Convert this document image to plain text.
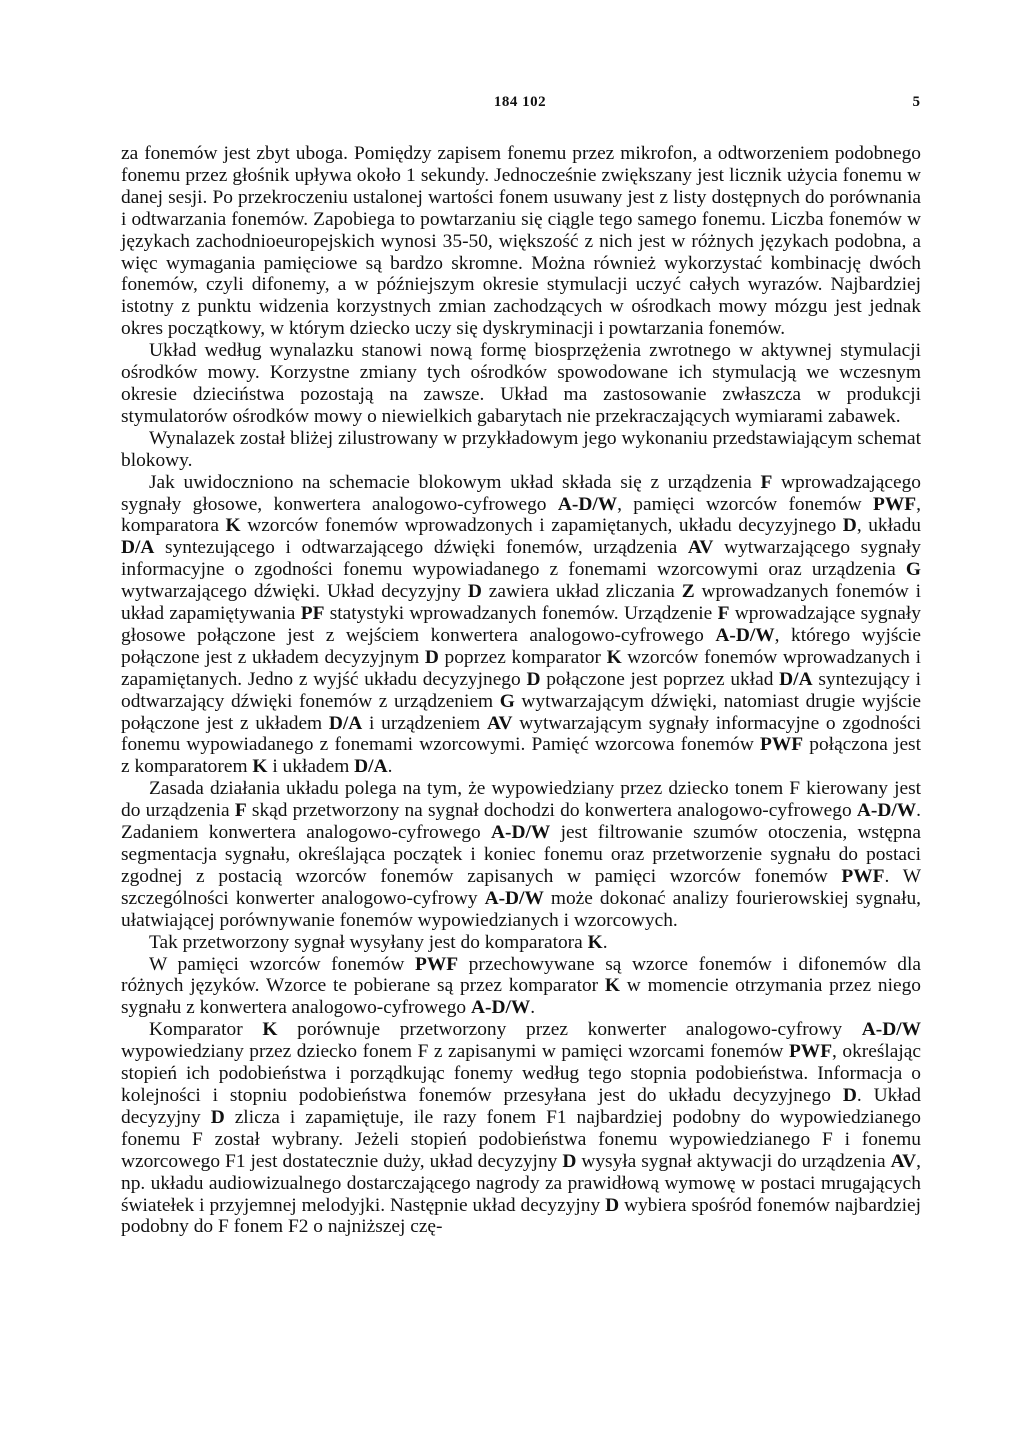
184 102	5

za fonemów jest zbyt uboga. Pomiędzy zapisem fonemu przez mikrofon, a odtworzeniem podobnego fonemu przez głośnik upływa około 1 sekundy. Jednocześnie zwiększany jest licznik użycia fonemu w danej sesji. Po przekroczeniu ustalonej wartości fonem usuwany jest z listy dostępnych do porównania i odtwarzania fonemów. Zapobiega to powtarzaniu się ciągle tego samego fonemu. Liczba fonemów w językach zachodnioeuropejskich wynosi 35-50, większość z nich jest w różnych językach podobna, a więc wymagania pamięciowe są bardzo skromne. Można również wykorzystać kombinację dwóch fonemów, czyli difonemy, a w późniejszym okresie stymulacji uczyć całych wyrazów. Najbardziej istotny z punktu widzenia korzystnych zmian zachodzących w ośrodkach mowy mózgu jest jednak okres początkowy, w którym dziecko uczy się dyskryminacji i powtarzania fonemów.

Układ według wynalazku stanowi nową formę biosprzężenia zwrotnego w aktywnej stymulacji ośrodków mowy. Korzystne zmiany tych ośrodków spowodowane ich stymulacją we wczesnym okresie dzieciństwa pozostają na zawsze. Układ ma zastosowanie zwłaszcza w produkcji stymulatorów ośrodków mowy o niewielkich gabarytach nie przekraczających wymiarami zabawek.

Wynalazek został bliżej zilustrowany w przykładowym jego wykonaniu przedstawiającym schemat blokowy.

Jak uwidoczniono na schemacie blokowym układ składa się z urządzenia F wprowadzającego sygnały głosowe, konwertera analogowo-cyfrowego A-D/W, pamięci wzorców fonemów PWF, komparatora K wzorców fonemów wprowadzonych i zapamiętanych, układu decyzyjnego D, układu D/A syntezującego i odtwarzającego dźwięki fonemów, urządzenia AV wytwarzającego sygnały informacyjne o zgodności fonemu wypowiadanego z fonemami wzorcowymi oraz urządzenia G wytwarzającego dźwięki. Układ decyzyjny D zawiera układ zliczania Z wprowadzanych fonemów i układ zapamiętywania PF statystyki wprowadzanych fonemów. Urządzenie F wprowadzające sygnały głosowe połączone jest z wejściem konwertera analogowo-cyfrowego A-D/W, którego wyjście połączone jest z układem decyzyjnym D poprzez komparator K wzorców fonemów wprowadzanych i zapamiętanych. Jedno z wyjść układu decyzyjnego D połączone jest poprzez układ D/A syntezujący i odtwarzający dźwięki fonemów z urządzeniem G wytwarzającym dźwięki, natomiast drugie wyjście połączone jest z układem D/A i urządzeniem AV wytwarzającym sygnały informacyjne o zgodności fonemu wypowiadanego z fonemami wzorcowymi. Pamięć wzorcowa fonemów PWF połączona jest z komparatorem K i układem D/A.

Zasada działania układu polega na tym, że wypowiedziany przez dziecko tonem F kierowany jest do urządzenia F skąd przetworzony na sygnał dochodzi do konwertera analogowo-cyfrowego A-D/W. Zadaniem konwertera analogowo-cyfrowego A-D/W jest filtrowanie szumów otoczenia, wstępna segmentacja sygnału, określająca początek i koniec fonemu oraz przetworzenie sygnału do postaci zgodnej z postacią wzorców fonemów zapisanych w pamięci wzorców fonemów PWF. W szczególności konwerter analogowo-cyfrowy A-D/W może dokonać analizy fourierowskiej sygnału, ułatwiającej porównywanie fonemów wypowiedzianych i wzorcowych.

Tak przetworzony sygnał wysyłany jest do komparatora K.

W pamięci wzorców fonemów PWF przechowywane są wzorce fonemów i difonemów dla różnych języków. Wzorce te pobierane są przez komparator K w momencie otrzymania przez niego sygnału z konwertera analogowo-cyfrowego A-D/W.

Komparator K porównuje przetworzony przez konwerter analogowo-cyfrowy A-D/W wypowiedziany przez dziecko fonem F z zapisanymi w pamięci wzorcami fonemów PWF, określając stopień ich podobieństwa i porządkując fonemy według tego stopnia podobieństwa. Informacja o kolejności i stopniu podobieństwa fonemów przesyłana jest do układu decyzyjnego D. Układ decyzyjny D zlicza i zapamiętuje, ile razy fonem F1 najbardziej podobny do wypowiedzianego fonemu F został wybrany. Jeżeli stopień podobieństwa fonemu wypowiedzianego F i fonemu wzorcowego F1 jest dostatecznie duży, układ decyzyjny D wysyła sygnał aktywacji do urządzenia AV, np. układu audiowizualnego dostarczającego nagrody za prawidłową wymowę w postaci mrugających światełek i przyjemnej melodyjki. Następnie układ decyzyjny D wybiera spośród fonemów najbardziej podobny do F fonem F2 o najniższej czę-
